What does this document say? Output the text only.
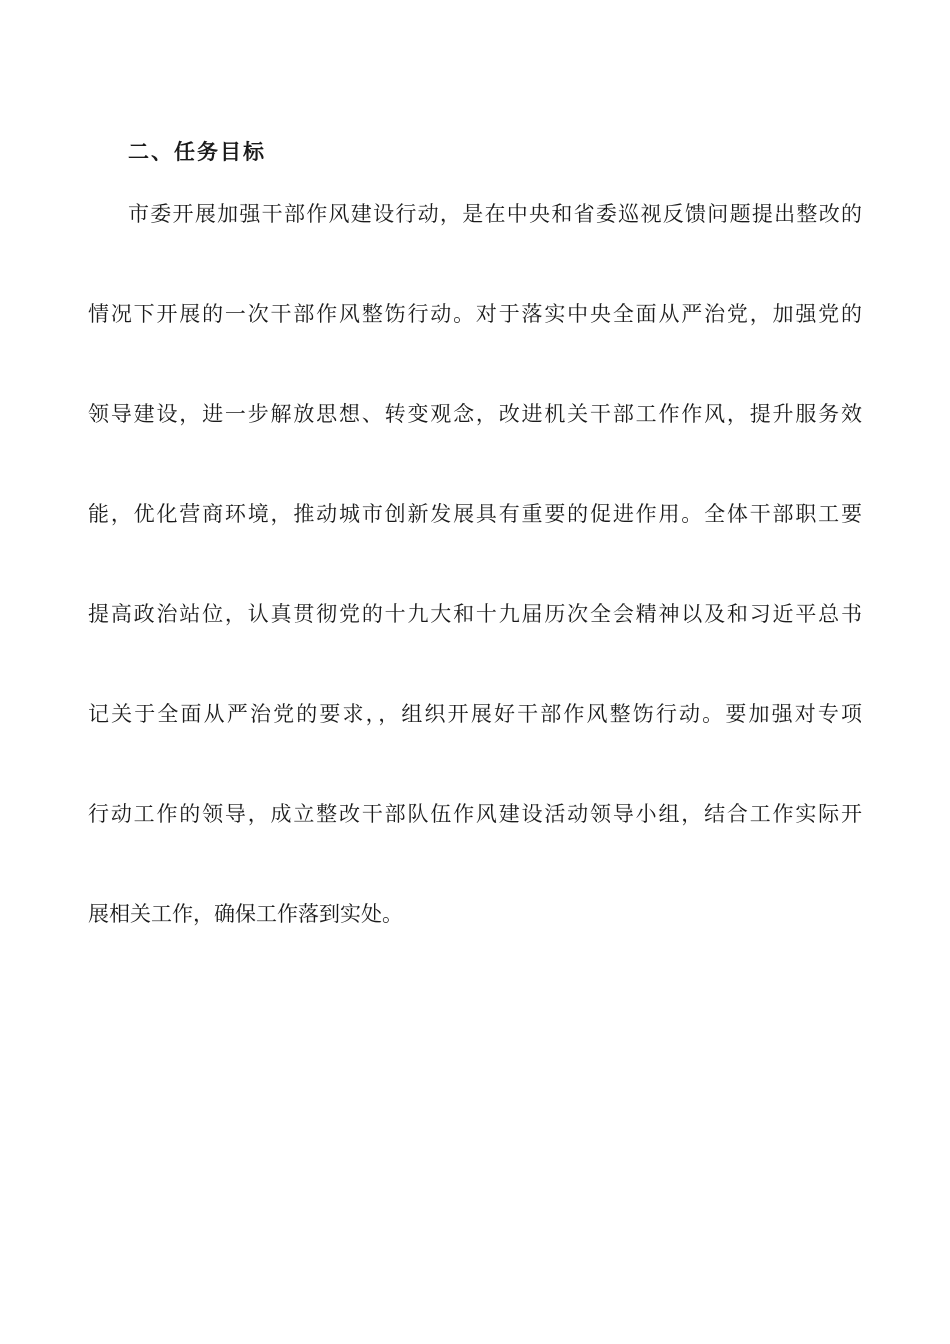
二、任务目标
市委开展加强干部作风建设行动，是在中央和省委巡视反馈问题提出整改的
情况下开展的一次干部作风整饬行动。对于落实中央全面从严治党，加强党的
领导建设，进一步解放思想、转变观念，改进机关干部工作作风，提升服务效
能，优化营商环境，推动城市创新发展具有重要的促进作用。全体干部职工要
提高政治站位，认真贯彻党的十九大和十九届历次全会精神以及和习近平总书
记关于全面从严治党的要求，，组织开展好干部作风整饬行动。要加强对专项
行动工作的领导，成立整改干部队伍作风建设活动领导小组，结合工作实际开
展相关工作，确保工作落到实处。
